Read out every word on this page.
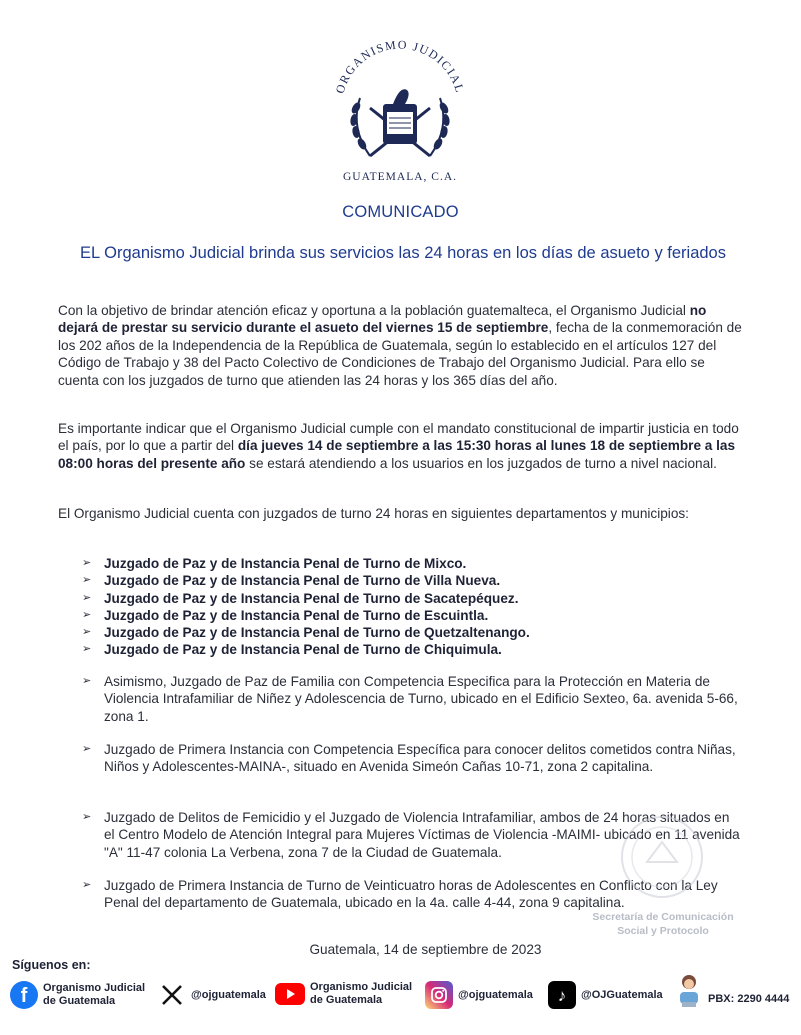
ORGANISMO JUDICIAL
GUATEMALA, C.A.
COMUNICADO
EL Organismo Judicial brinda sus servicios las 24 horas en los días de asueto y feriados
Con la objetivo de brindar atención eficaz y oportuna a la población guatemalteca, el Organismo Judicial no dejará de prestar su servicio durante el asueto del viernes 15 de septiembre, fecha de la conmemoración de los 202 años de la Independencia de la República de Guatemala, según lo establecido en el artículos 127 del Código de Trabajo y 38 del Pacto Colectivo de Condiciones de Trabajo del Organismo Judicial. Para ello se cuenta con los juzgados de turno que atienden las 24 horas y los 365 días del año.
Es importante indicar que el Organismo Judicial cumple con el mandato constitucional de impartir justicia en todo el país, por lo que a partir del día jueves 14 de septiembre a las 15:30 horas al lunes 18 de septiembre a las 08:00 horas del presente año se estará atendiendo a los usuarios en los juzgados de turno a nivel nacional.
El Organismo Judicial cuenta con juzgados de turno 24 horas en siguientes departamentos y municipios:
➢ Juzgado de Paz y de Instancia Penal de Turno de Mixco.
➢ Juzgado de Paz y de Instancia Penal de Turno de Villa Nueva.
➢ Juzgado de Paz y de Instancia Penal de Turno de Sacatepéquez.
➢ Juzgado de Paz y de Instancia Penal de Turno de Escuintla.
➢ Juzgado de Paz y de Instancia Penal de Turno de Quetzaltenango.
➢ Juzgado de Paz y de Instancia Penal de Turno de Chiquimula.
➢ Asimismo, Juzgado de Paz de Familia con Competencia Especifica para la Protección en Materia de Violencia Intrafamiliar de Niñez y Adolescencia de Turno, ubicado en el Edificio Sexteo, 6a. avenida 5-66, zona 1.
➢ Juzgado de Primera Instancia con Competencia Específica para conocer delitos cometidos contra Niñas, Niños y Adolescentes-MAINA-, situado en Avenida Simeón Cañas 10-71, zona 2 capitalina.
➢ Juzgado de Delitos de Femicidio y el Juzgado de Violencia Intrafamiliar, ambos de 24 horas situados en el Centro Modelo de Atención Integral para Mujeres Víctimas de Violencia -MAIMI- ubicado en 11 avenida "A" 11-47 colonia La Verbena, zona 7 de la Ciudad de Guatemala.
➢ Juzgado de Primera Instancia de Turno de Veinticuatro horas de Adolescentes en Conflicto con la Ley Penal del departamento de Guatemala, ubicado en la 4a. calle 4-44, zona 9 capitalina.
Secretaría de Comunicación
Social y Protocolo
Guatemala, 14 de septiembre de 2023
Síguenos en:
f Organismo Judicial
de Guatemala
@ojguatemala
Organismo Judicial
de Guatemala	@ojguatemala ♪ @OJGuatemala	PBX: 2290 4444
